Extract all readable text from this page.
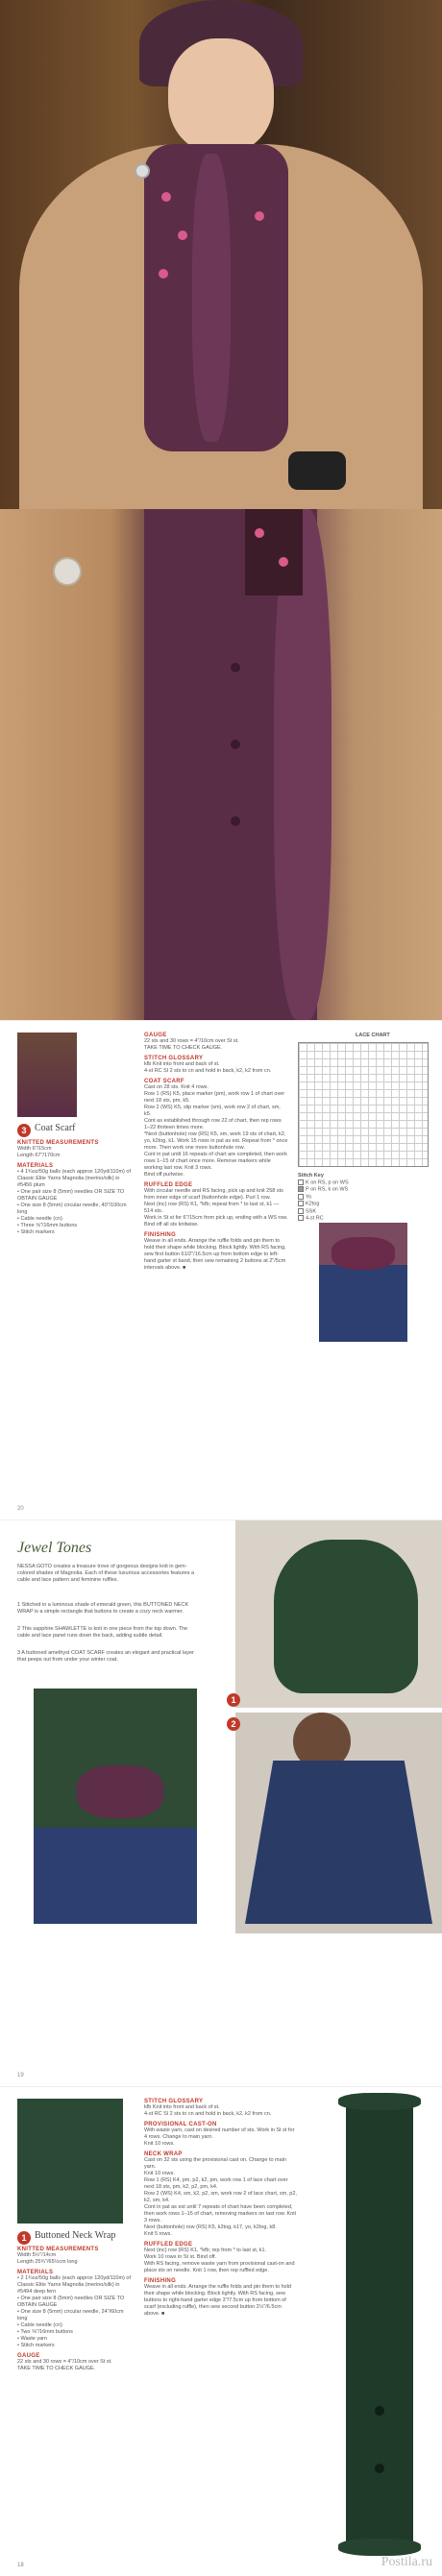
3 Coat Scarf
KNITTED MEASUREMENTS
Width 6"/15cm
Length 67"/170cm
MATERIALS
• 4 1¾oz/50g balls (each approx 120yd/110m) of Classic Elite Yarns Magnolia (merino/silk) in #5456 plum
• One pair size 8 (5mm) needles OR SIZE TO OBTAIN GAUGE
• One size 8 (5mm) circular needle, 40"/100cm long
• Cable needle (cn)
• Three ⅝"/16mm buttons
• Stitch markers
GAUGE
22 sts and 30 rows = 4"/10cm over St st.
TAKE TIME TO CHECK GAUGE.
STITCH GLOSSARY
kfb Knit into front and back of st.
4-st RC Sl 2 sts to cn and hold in back, k2, k2 from cn.
COAT SCARF
Cast on 28 sts. Knit 4 rows.
Row 1 (RS) K5, place marker (pm), work row 1 of chart over next 18 sts, pm, k5.
Row 2 (WS) K5, slip marker (sm), work row 2 of chart, sm, k5.
Cont as established through row 22 of chart, then rep rows 1–22 thirteen times more.
*Next (buttonhole) row (RS) K5, sm, work 19 sts of chart, k2, yo, k2tog, k1. Work 15 rows in pat as est. Repeat from * once more. Then work one more buttonhole row.
Cont in pat until 16 repeats of chart are completed, then work rows 1–15 of chart once more. Remove markers while working last row. Knit 3 rows.
Bind off purlwise.
RUFFLED EDGE
With circular needle and RS facing, pick up and knit 258 sts from inner edge of scarf (buttonhole edge). Purl 1 row.
Next (inc) row (RS) K1, *kfb; repeat from * to last st, k1 — 514 sts.
Work in St st for 6"/15cm from pick up, ending with a WS row.
Bind off all sts knitwise.
FINISHING
Weave in all ends. Arrange the ruffle folds and pin them to hold their shape while blocking. Block lightly. With RS facing, sew first button 61/2"/16.5cm up from bottom edge to left-hand garter st band, then sew remaining 2 buttons at 2"/5cm intervals above. ■
LACE CHART
Stitch Key
K on RS, p on WS
P on RS, k on WS
Yo
K2tog
SSK
4-st RC
20
Jewel Tones
NESSA GOTO creates a treasure trove of gorgeous designs knit in gem-colored shades of Magnolia. Each of these luxurious accessories features a cable and lace pattern and feminine ruffles.
1 Stitched in a luminous shade of emerald green, this BUTTONED NECK WRAP is a simple rectangle that buttons to create a cozy neck warmer.
2 This sapphire SHAWLETTE is knit in one piece from the top down. The cable and lace panel runs down the back, adding subtle detail.
3 A buttoned amethyst COAT SCARF creates an elegant and practical layer that peeps out from under your winter coat.
1
2
19
1 Buttoned Neck Wrap
KNITTED MEASUREMENTS
Width 5½"/14cm
Length 25¾"/65½cm long
MATERIALS
• 2 1¾oz/50g balls (each approx 120yd/110m) of Classic Elite Yarns Magnolia (merino/silk) in #5494 deep fern
• One pair size 8 (5mm) needles OR SIZE TO OBTAIN GAUGE
• One size 8 (5mm) circular needle, 24"/60cm long
• Cable needle (cn)
• Two ⅝"/16mm buttons
• Waste yarn
• Stitch markers
GAUGE
22 sts and 30 rows = 4"/10cm over St st.
TAKE TIME TO CHECK GAUGE.
STITCH GLOSSARY
kfb Knit into front and back of st.
4-st RC Sl 2 sts to cn and hold in back, k2, k2 from cn.
PROVISIONAL CAST-ON
With waste yarn, cast on desired number of sts. Work in St st for 4 rows. Change to main yarn.
Knit 10 rows.
NECK WRAP
Cast on 32 sts using the provisional cast on. Change to main yarn.
Knit 10 rows.
Row 1 (RS) K4, pm, p2, k2, pm, work row 1 of lace chart over next 18 sts, pm, k2, p2, pm, k4.
Row 2 (WS) K4, sm, k2, p2, sm, work row 2 of lace chart, sm, p2, k2, sm, k4.
Cont in pat as est until 7 repeats of chart have been completed, then work rows 1–15 of chart, removing markers on last row. Knit 3 rows.
Next (buttonhole) row (RS) K5, k2tog, k17, yo, k2tog, k8.
Knit 5 rows.
RUFFLED EDGE
Next (inc) row (RS) K1, *kfb; rep from * to last st, k1.
Work 10 rows in St st. Bind off.
With RS facing, remove waste yarn from provisional cast-on and place sts on needle. Knit 1 row, then rep ruffled edge.
FINISHING
Weave in all ends. Arrange the ruffle folds and pin them to hold their shape while blocking. Block lightly. With RS facing, sew buttons to right-hand garter edge 3"/7.5cm up from bottom of scarf (excluding ruffle), then sew second button 2½"/6.5cm above. ■
18	Postila.ru
